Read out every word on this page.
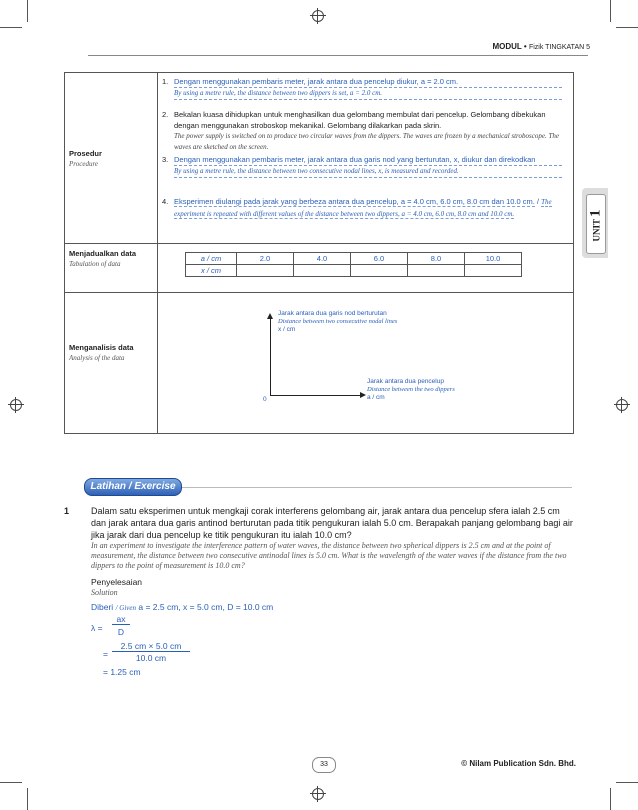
MODUL • Fizik TINGKATAN 5
UNIT 1
Prosedur
Procedure
Menjadualkan data
Tabulation of data
Menganalisis data
Analysis of the data
1. Dengan menggunakan pembaris meter, jarak antara dua pencelup diukur, a = 2.0 cm.
By using a metre rule, the distance between two dippers is set, a = 2.0 cm.
2. Bekalan kuasa dihidupkan untuk menghasilkan dua gelombang membulat dari pencelup. Gelombang dibekukan dengan menggunakan stroboskop mekanikal. Gelombang dilakarkan pada skrin.
The power supply is switched on to produce two circular waves from the dippers. The waves are frozen by a mechanical stroboscope. The waves are sketched on the screen.
3. Dengan menggunakan pembaris meter, jarak antara dua garis nod yang berturutan, x, diukur dan direkodkan
By using a metre rule, the distance between two consecutive nodal lines, x, is measured and recorded.
4. Eksperimen diulangi pada jarak yang berbeza antara dua pencelup, a = 4.0 cm, 6.0 cm, 8.0 cm dan 10.0 cm. / The experiment is repeated with different values of the distance between two dippers, a = 4.0 cm, 6.0 cm, 8.0 cm and 10.0 cm.
a / cm	2.0	4.0	6.0	8.0	10.0
x / cm					
Jarak antara dua garis nod berturutan
Distance between two consecutive nodal lines
x / cm
Jarak antara dua pencelup
Distance between the two dippers
a / cm
0
Latihan / Exercise
1 Dalam satu eksperimen untuk mengkaji corak interferens gelombang air, jarak antara dua pencelup sfera ialah 2.5 cm dan jarak antara dua garis antinod berturutan pada titik pengukuran ialah 5.0 cm. Berapakah panjang gelombang bagi air jika jarak dari dua pencelup ke titik pengukuran itu ialah 10.0 cm?
In an experiment to investigate the interference pattern of water waves, the distance between two spherical dippers is 2.5 cm and at the point of measurement, the distance between two consecutive antinodal lines is 5.0 cm. What is the wavelength of the water waves if the distance from the two dippers to the point of measurement is 10.0 cm?
Penyelesaian
Solution
Diberi / Given a = 2.5 cm, x = 5.0 cm, D = 10.0 cm
λ =
ax
D
=
2.5 cm × 5.0 cm
10.0 cm
= 1.25 cm
33	© Nilam Publication Sdn. Bhd.
